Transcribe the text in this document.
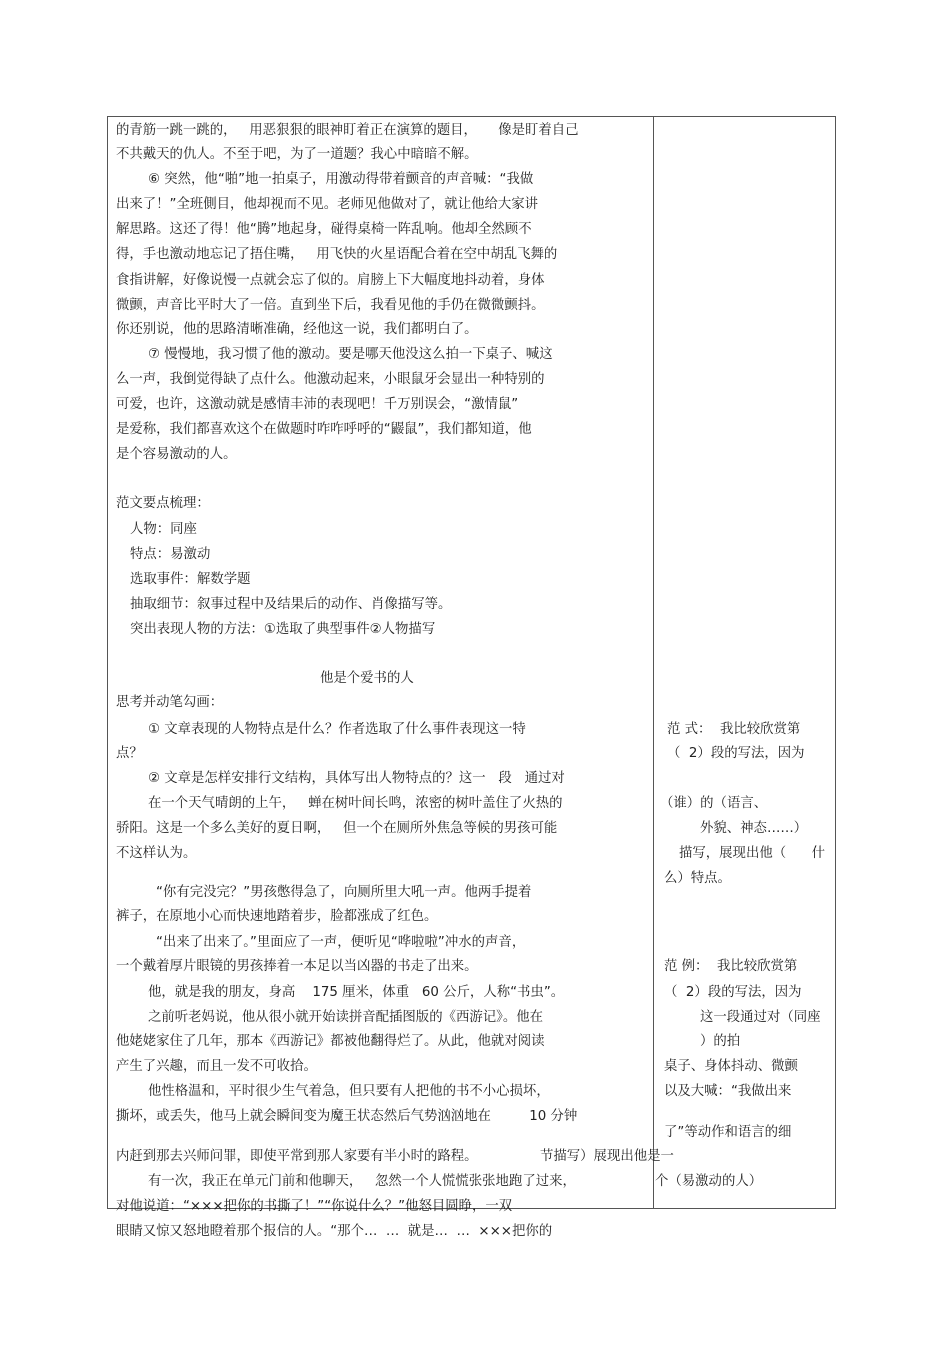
的青筋一跳一跳的，   用恶狠狠的眼神盯着正在演算的题目，     像是盯着自己
不共戴天的仇人。不至于吧，为了一道题？我心中暗暗不解。
⑥ 突然，他“啪”地一拍桌子，用激动得带着颤音的声音喊：“我做
出来了！”全班側目，他却视而不见。老师见他做对了，就让他给大家讲
解思路。这还了得！他“腾”地起身，碰得桌椅一阵乱响。他却全然顾不
得，手也激动地忘记了捂住嘴，   用飞快的火星语配合着在空中胡乱飞舞的
食指讲解，好像说慢一点就会忘了似的。肩膀上下大幅度地抖动着，身体
微颤，声音比平时大了一倍。直到坐下后，我看见他的手仍在微微颤抖。
你还别说，他的思路清晰准确，经他这一说，我们都明白了。
⑦ 慢慢地，我习惯了他的激动。要是哪天他没这么拍一下桌子、喊这
么一声，我倒觉得缺了点什么。他激动起来，小眼鼠牙会显出一种特别的
可爱，也许，这激动就是感情丰沛的表现吧！千万别误会，“激情鼠”
是爱称，我们都喜欢这个在做题时咋咋呼呼的“鼹鼠”，我们都知道，他
是个容易激动的人。
范文要点梳理：
人物：同座
特点：易激动
选取事件：解数学题
抽取细节：叙事过程中及结果后的动作、肖像描写等。
突出表现人物的方法：①选取了典型事件②人物描写
他是个爱书的人
思考并动笔勾画：
① 文章表现的人物特点是什么？作者选取了什么事件表现这一特
点？
② 文章是怎样安排行文结构，具体写出人物特点的？这一   段   通过对
在一个天气晴朗的上午，   蝉在树叶间长鸣，浓密的树叶盖住了火热的
骄阳。这是一个多么美好的夏日啊，   但一个在厕所外焦急等候的男孩可能
不这样认为。
“你有完没完？”男孩憋得急了，向厕所里大吼一声。他两手提着
裤子，在原地小心而快速地踏着步，脸都涨成了红色。
“出来了出来了。”里面应了一声，便听见“哗啦啦”冲水的声音，
一个戴着厚片眼镜的男孩捧着一本足以当凶器的书走了出来。
他，就是我的朋友，身高    175 厘米，体重   60 公斤，人称“书虫”。
之前听老妈说，他从很小就开始读拼音配插图版的《西游记》。他在
他姥姥家住了几年，那本《西游记》都被他翻得烂了。从此，他就对阅读
产生了兴趣，而且一发不可收拾。
他性格温和，平时很少生气着急，但只要有人把他的书不小心损坏，
撕坏，或丢失，他马上就会瞬间变为魔王状态然后气势汹汹地在         10 分钟
内赶到那去兴师问罪，即使平常到那人家要有半小时的路程。
有一次，我正在单元门前和他聊天，   忽然一个人慌慌张张地跑了过来，
对他说道：“×××把你的书撕了！”“你说什么？”他怒目圆睁，一双
眼睛又惊又怒地瞪着那个报信的人。“那个…  …  就是…  …  ×××把你的
范 式：  我比较欣赏第
（  2）段的写法，因为
（谁）的（语言、
外貌、神态……）
描写，展现出他（      什
么）特点。
范 例：  我比较欣赏第
（  2）段的写法，因为
这一段通过对（同座
）的拍
桌子、身体抖动、微颤
以及大喊：“我做出来
了”等动作和语言的细
节描写）展现出他是一
个（易激动的人）
